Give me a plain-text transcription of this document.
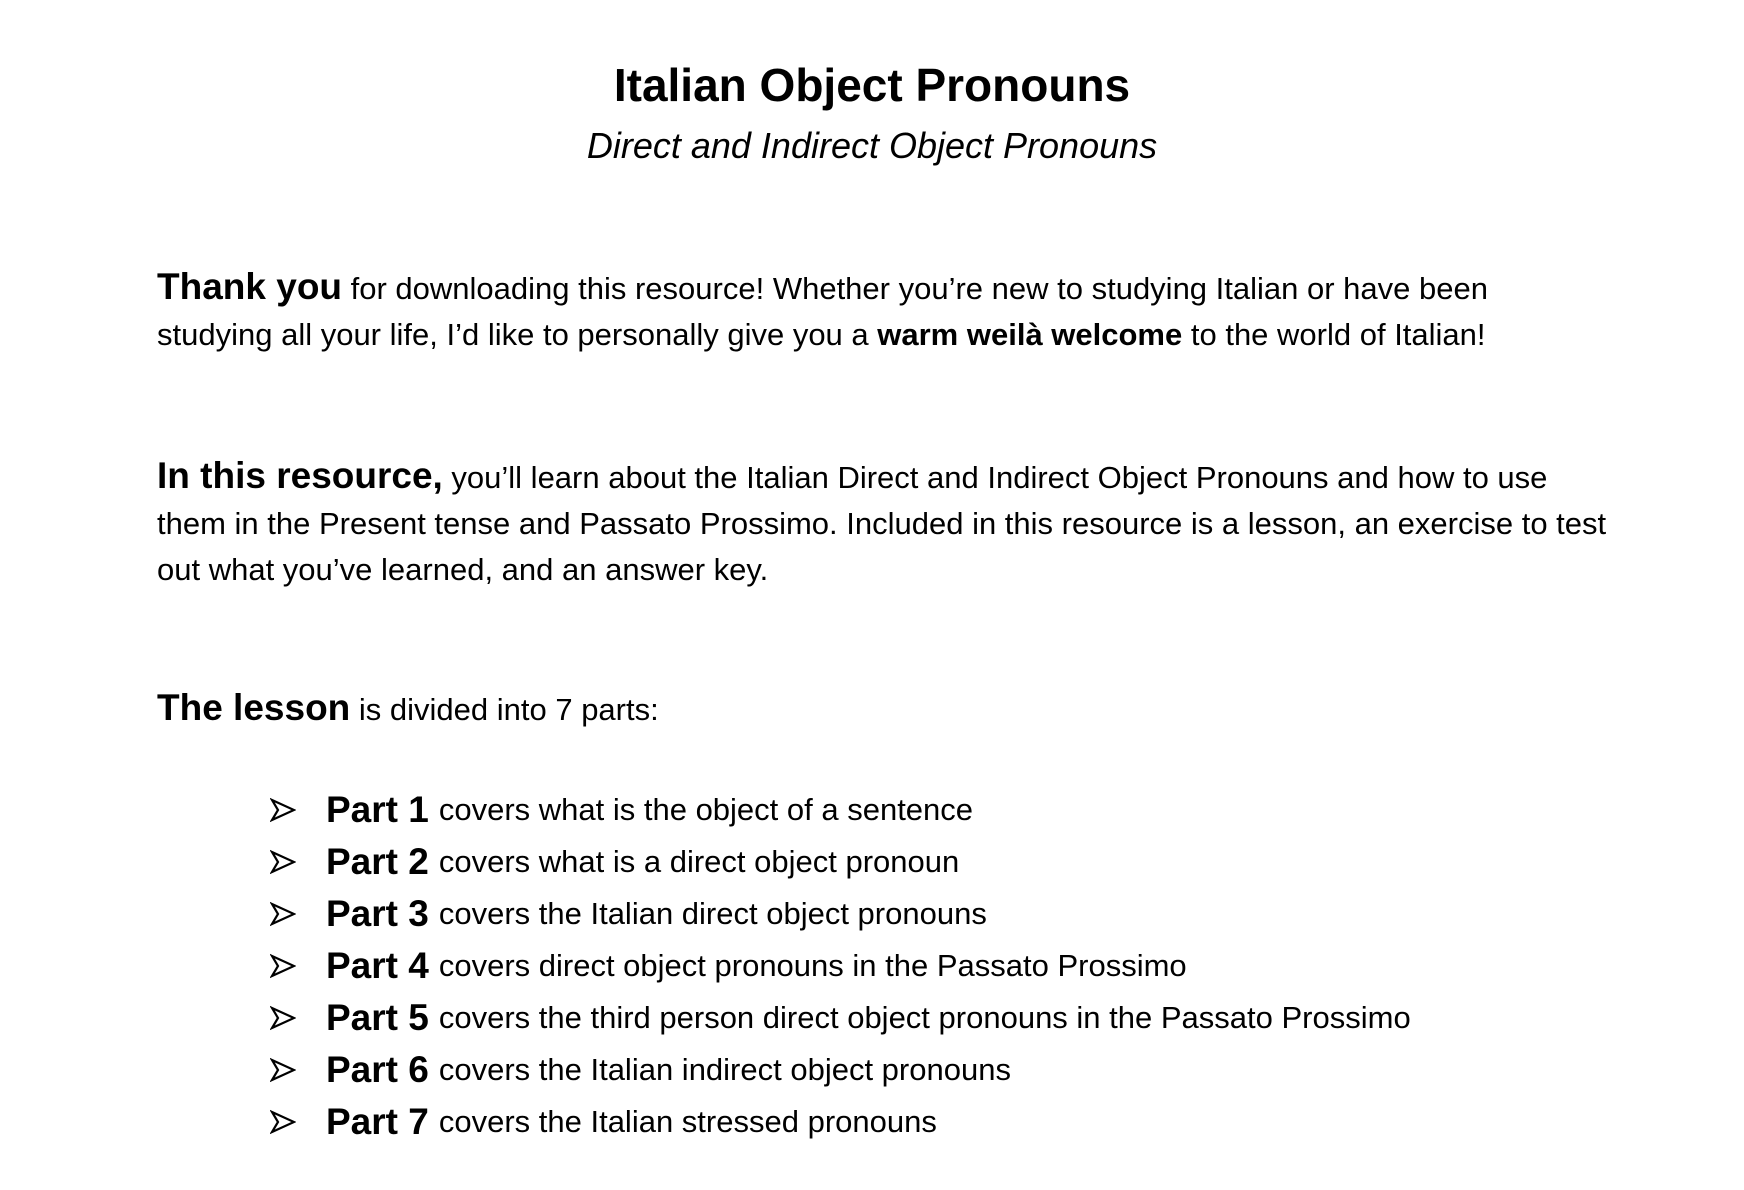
Italian Object Pronouns
Direct and Indirect Object Pronouns

Thank you for downloading this resource! Whether you’re new to studying Italian or have been studying all your life, I’d like to personally give you a warm weilà welcome to the world of Italian!

In this resource, you’ll learn about the Italian Direct and Indirect Object Pronouns and how to use them in the Present tense and Passato Prossimo. Included in this resource is a lesson, an exercise to test out what you’ve learned, and an answer key.

The lesson is divided into 7 parts:

Part 1 covers what is the object of a sentence
Part 2 covers what is a direct object pronoun
Part 3 covers the Italian direct object pronouns
Part 4 covers direct object pronouns in the Passato Prossimo
Part 5 covers the third person direct object pronouns in the Passato Prossimo
Part 6 covers the Italian indirect object pronouns
Part 7 covers the Italian stressed pronouns
